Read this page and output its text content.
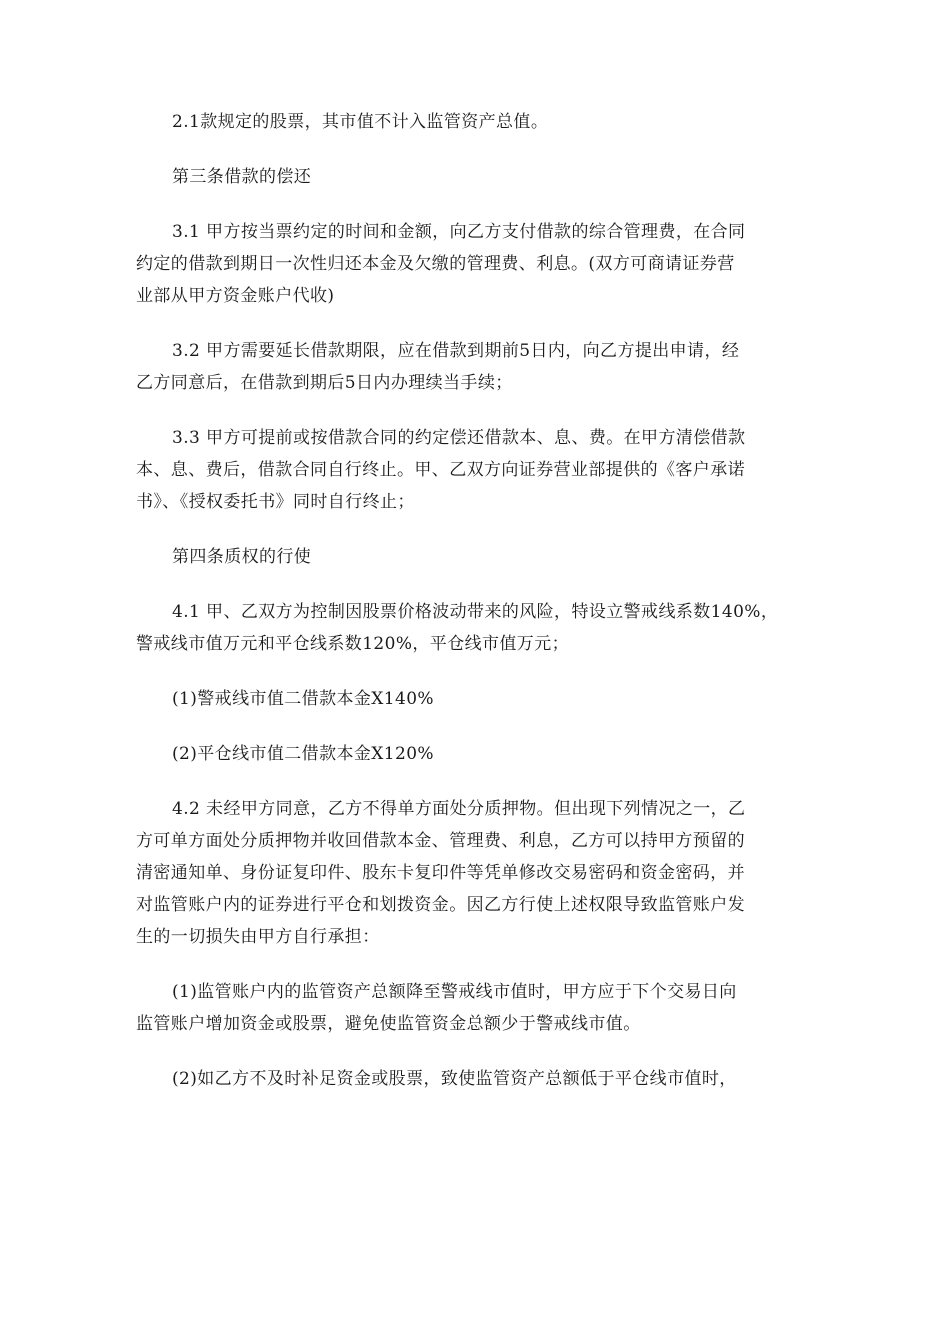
2.1款规定的股票，其市值不计入监管资产总值。
第三条借款的偿还
3.1 甲方按当票约定的时间和金额，向乙方支付借款的综合管理费，在合同
约定的借款到期日一次性归还本金及欠缴的管理费、利息。(双方可商请证券营
业部从甲方资金账户代收)
3.2 甲方需要延长借款期限，应在借款到期前5日内，向乙方提出申请，经
乙方同意后，在借款到期后5日内办理续当手续；
3.3 甲方可提前或按借款合同的约定偿还借款本、息、费。在甲方清偿借款
本、息、费后，借款合同自行终止。甲、乙双方向证券营业部提供的《客户承诺
书》、《授权委托书》同时自行终止；
第四条质权的行使
4.1 甲、乙双方为控制因股票价格波动带来的风险，特设立警戒线系数140%，
警戒线市值万元和平仓线系数120%，平仓线市值万元；
(1)警戒线市值二借款本金X140%
(2)平仓线市值二借款本金X120%
4.2 未经甲方同意，乙方不得单方面处分质押物。但出现下列情况之一，乙
方可单方面处分质押物并收回借款本金、管理费、利息，乙方可以持甲方预留的
清密通知单、身份证复印件、股东卡复印件等凭单修改交易密码和资金密码，并
对监管账户内的证券进行平仓和划拨资金。因乙方行使上述权限导致监管账户发
生的一切损失由甲方自行承担：
(1)监管账户内的监管资产总额降至警戒线市值时，甲方应于下个交易日向
监管账户增加资金或股票，避免使监管资金总额少于警戒线市值。
(2)如乙方不及时补足资金或股票，致使监管资产总额低于平仓线市值时，
